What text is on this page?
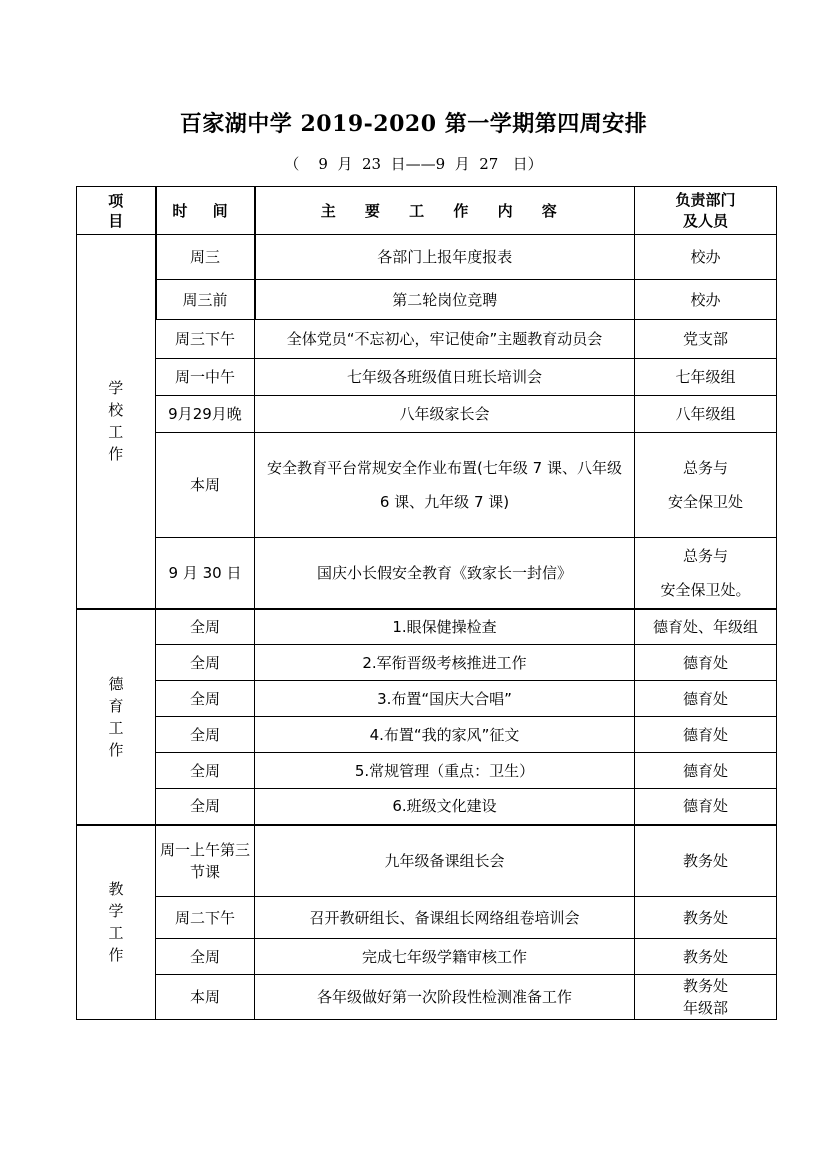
百家湖中学 2019-2020 第一学期第四周安排
（    9  月  23  日——9  月  27   日）
项
目	时 间	主 要 工 作 内 容	负责部门
及人员
学
校
工
作	周三	各部门上报年度报表	校办
	周三前	第二轮岗位竞聘	校办
	周三下午	全体党员“不忘初心，牢记使命”主题教育动员会	党支部
	周一中午	七年级各班级值日班长培训会	七年级组
	9月29月晚	八年级家长会	八年级组
	本周	安全教育平台常规安全作业布置(七年级 7 课、八年级 6 课、九年级 7 课)	总务与
安全保卫处
	9 月 30 日	国庆小长假安全教育《致家长一封信》	总务与
安全保卫处。
德
育
工
作	全周	1.眼保健操检查	德育处、年级组
	全周	2.军衔晋级考核推进工作	德育处
	全周	3.布置“国庆大合唱”	德育处
	全周	4.布置“我的家风”征文	德育处
	全周	5.常规管理（重点：卫生）	德育处
	全周	6.班级文化建设	德育处
教
学
工
作	周一上午第三节课	九年级备课组长会	教务处
	周二下午	召开教研组长、备课组长网络组卷培训会	教务处
	全周	完成七年级学籍审核工作	教务处
	本周	各年级做好第一次阶段性检测准备工作	教务处
年级部
